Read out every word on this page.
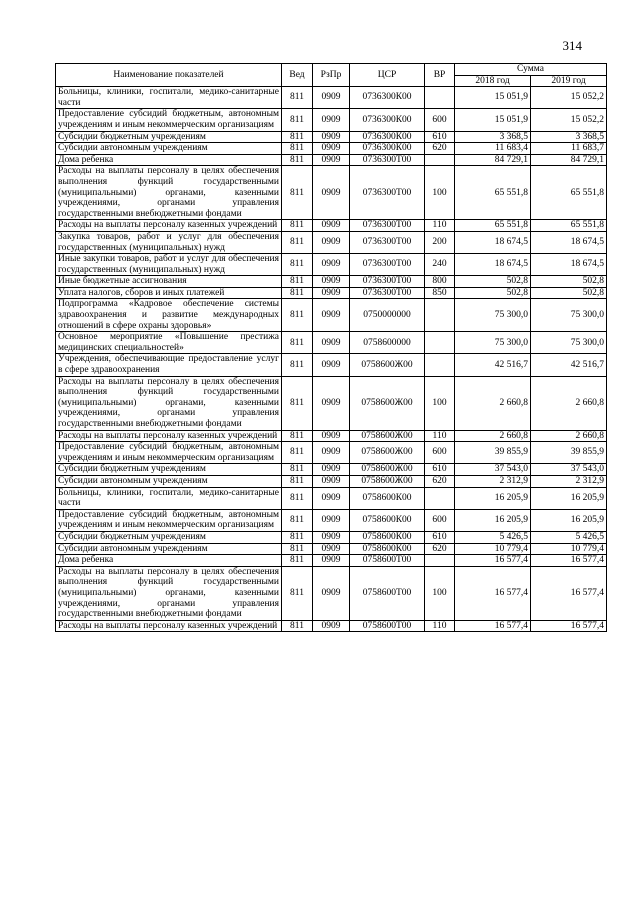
314
Наименование показателей	Вед	РзПр	ЦСР	ВР	Сумма	
					2018 год	2019 год
Больницы, клиники, госпитали, медико-санитарные части	811	0909	0736300К00		15 051,9	15 052,2
Предоставление субсидий бюджетным, автономным учреждениям и иным некоммерческим организациям	811	0909	0736300К00	600	15 051,9	15 052,2
Субсидии бюджетным учреждениям	811	0909	0736300К00	610	3 368,5	3 368,5
Субсидии автономным учреждениям	811	0909	0736300К00	620	11 683,4	11 683,7
Дома ребенка	811	0909	0736300Т00		84 729,1	84 729,1
Расходы на выплаты персоналу в целях обеспечения выполнения функций государственными (муниципальными) органами, казенными учреждениями, органами управления государственными внебюджетными фондами	811	0909	0736300Т00	100	65 551,8	65 551,8
Расходы на выплаты персоналу казенных учреждений	811	0909	0736300Т00	110	65 551,8	65 551,8
Закупка товаров, работ и услуг для обеспечения государственных (муниципальных) нужд	811	0909	0736300Т00	200	18 674,5	18 674,5
Иные закупки товаров, работ и услуг для обеспечения государственных (муниципальных) нужд	811	0909	0736300Т00	240	18 674,5	18 674,5
Иные бюджетные ассигнования	811	0909	0736300Т00	800	502,8	502,8
Уплата налогов, сборов и иных платежей	811	0909	0736300Т00	850	502,8	502,8
Подпрограмма «Кадровое обеспечение системы здравоохранения и развитие международных отношений в сфере охраны здоровья»	811	0909	0750000000		75 300,0	75 300,0
Основное мероприятие «Повышение престижа медицинских специальностей»	811	0909	0758600000		75 300,0	75 300,0
Учреждения, обеспечивающие предоставление услуг в сфере здравоохранения	811	0909	0758600Ж00		42 516,7	42 516,7
Расходы на выплаты персоналу в целях обеспечения выполнения функций государственными (муниципальными) органами, казенными учреждениями, органами управления государственными внебюджетными фондами	811	0909	0758600Ж00	100	2 660,8	2 660,8
Расходы на выплаты персоналу казенных учреждений	811	0909	0758600Ж00	110	2 660,8	2 660,8
Предоставление субсидий бюджетным, автономным учреждениям и иным некоммерческим организациям	811	0909	0758600Ж00	600	39 855,9	39 855,9
Субсидии бюджетным учреждениям	811	0909	0758600Ж00	610	37 543,0	37 543,0
Субсидии автономным учреждениям	811	0909	0758600Ж00	620	2 312,9	2 312,9
Больницы, клиники, госпитали, медико-санитарные части	811	0909	0758600К00		16 205,9	16 205,9
Предоставление субсидий бюджетным, автономным учреждениям и иным некоммерческим организациям	811	0909	0758600К00	600	16 205,9	16 205,9
Субсидии бюджетным учреждениям	811	0909	0758600К00	610	5 426,5	5 426,5
Субсидии автономным учреждениям	811	0909	0758600К00	620	10 779,4	10 779,4
Дома ребенка	811	0909	0758600Т00		16 577,4	16 577,4
Расходы на выплаты персоналу в целях обеспечения выполнения функций государственными (муниципальными) органами, казенными учреждениями, органами управления государственными внебюджетными фондами	811	0909	0758600Т00	100	16 577,4	16 577,4
Расходы на выплаты персоналу казенных учреждений	811	0909	0758600Т00	110	16 577,4	16 577,4
